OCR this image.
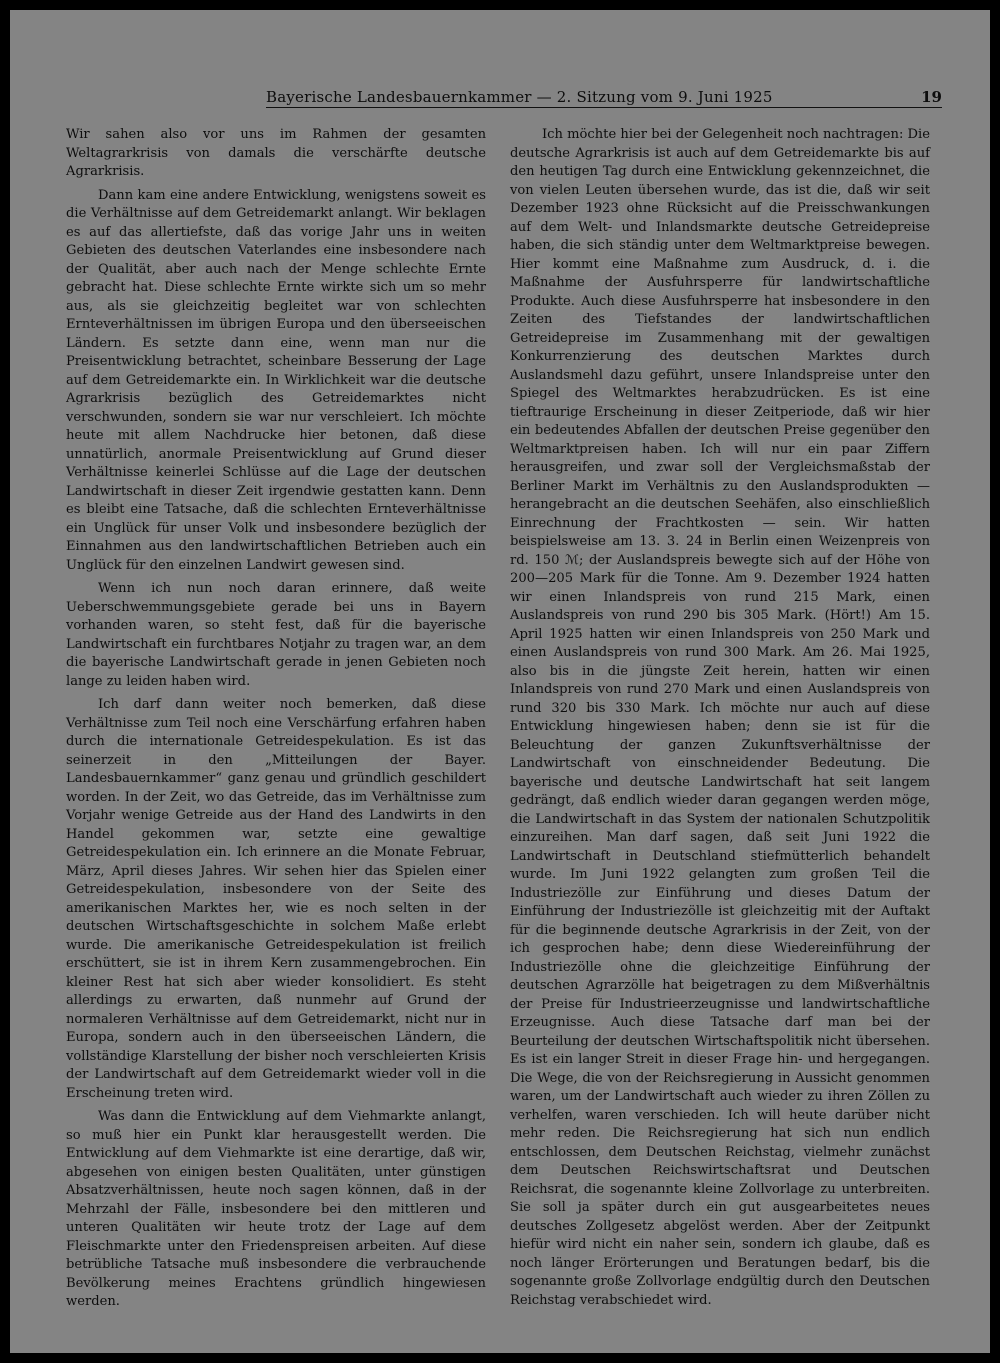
Bayerische Landesbauernkammer — 2. Sitzung vom 9. Juni 1925	19

Wir sahen also vor uns im Rahmen der gesamten Weltagrarkrisis von damals die verschärfte deutsche Agrarkrisis.

Dann kam eine andere Entwicklung, wenigstens soweit es die Verhältnisse auf dem Getreidemarkt anlangt. Wir beklagen es auf das allertiefste, daß das vorige Jahr uns in weiten Gebieten des deutschen Vaterlandes eine insbesondere nach der Qualität, aber auch nach der Menge schlechte Ernte gebracht hat. Diese schlechte Ernte wirkte sich um so mehr aus, als sie gleichzeitig begleitet war von schlechten Ernteverhältnissen im übrigen Europa und den überseeischen Ländern. Es setzte dann eine, wenn man nur die Preisentwicklung betrachtet, scheinbare Besserung der Lage auf dem Getreidemarkte ein. In Wirklichkeit war die deutsche Agrarkrisis bezüglich des Getreidemarktes nicht verschwunden, sondern sie war nur verschleiert. Ich möchte heute mit allem Nachdrucke hier betonen, daß diese unnatürlich, anormale Preisentwicklung auf Grund dieser Verhältnisse keinerlei Schlüsse auf die Lage der deutschen Landwirtschaft in dieser Zeit irgendwie gestatten kann. Denn es bleibt eine Tatsache, daß die schlechten Ernteverhältnisse ein Unglück für unser Volk und insbesondere bezüglich der Einnahmen aus den landwirtschaftlichen Betrieben auch ein Unglück für den einzelnen Landwirt gewesen sind.

Wenn ich nun noch daran erinnere, daß weite Ueberschwemmungsgebiete gerade bei uns in Bayern vorhanden waren, so steht fest, daß für die bayerische Landwirtschaft ein furchtbares Notjahr zu tragen war, an dem die bayerische Landwirtschaft gerade in jenen Gebieten noch lange zu leiden haben wird.

Ich darf dann weiter noch bemerken, daß diese Verhältnisse zum Teil noch eine Verschärfung erfahren haben durch die internationale Getreidespekulation. Es ist das seinerzeit in den „Mitteilungen der Bayer. Landesbauernkammer“ ganz genau und gründlich geschildert worden. In der Zeit, wo das Getreide, das im Verhältnisse zum Vorjahr wenige Getreide aus der Hand des Landwirts in den Handel gekommen war, setzte eine gewaltige Getreidespekulation ein. Ich erinnere an die Monate Februar, März, April dieses Jahres. Wir sehen hier das Spielen einer Getreidespekulation, insbesondere von der Seite des amerikanischen Marktes her, wie es noch selten in der deutschen Wirtschaftsgeschichte in solchem Maße erlebt wurde. Die amerikanische Getreidespekulation ist freilich erschüttert, sie ist in ihrem Kern zusammengebrochen. Ein kleiner Rest hat sich aber wieder konsolidiert. Es steht allerdings zu erwarten, daß nunmehr auf Grund der normaleren Verhältnisse auf dem Getreidemarkt, nicht nur in Europa, sondern auch in den überseeischen Ländern, die vollständige Klarstellung der bisher noch verschleierten Krisis der Landwirtschaft auf dem Getreidemarkt wieder voll in die Erscheinung treten wird.

Was dann die Entwicklung auf dem Viehmarkte anlangt, so muß hier ein Punkt klar herausgestellt werden. Die Entwicklung auf dem Viehmarkte ist eine derartige, daß wir, abgesehen von einigen besten Qualitäten, unter günstigen Absatzverhältnissen, heute noch sagen können, daß in der Mehrzahl der Fälle, insbesondere bei den mittleren und unteren Qualitäten wir heute trotz der Lage auf dem Fleischmarkte unter den Friedenspreisen arbeiten. Auf diese betrübliche Tatsache muß insbesondere die verbrauchende Bevölkerung meines Erachtens gründlich hingewiesen werden.

Ich möchte hier bei der Gelegenheit noch nachtragen: Die deutsche Agrarkrisis ist auch auf dem Getreidemarkte bis auf den heutigen Tag durch eine Entwicklung gekennzeichnet, die von vielen Leuten übersehen wurde, das ist die, daß wir seit Dezember 1923 ohne Rücksicht auf die Preisschwankungen auf dem Welt- und Inlandsmarkte deutsche Getreidepreise haben, die sich ständig unter dem Weltmarktpreise bewegen. Hier kommt eine Maßnahme zum Ausdruck, d. i. die Maßnahme der Ausfuhrsperre für landwirtschaftliche Produkte. Auch diese Ausfuhrsperre hat insbesondere in den Zeiten des Tiefstandes der landwirtschaftlichen Getreidepreise im Zusammenhang mit der gewaltigen Konkurrenzierung des deutschen Marktes durch Auslandsmehl dazu geführt, unsere Inlandspreise unter den Spiegel des Weltmarktes herabzudrücken. Es ist eine tieftraurige Erscheinung in dieser Zeitperiode, daß wir hier ein bedeutendes Abfallen der deutschen Preise gegenüber den Weltmarktpreisen haben. Ich will nur ein paar Ziffern herausgreifen, und zwar soll der Vergleichsmaßstab der Berliner Markt im Verhältnis zu den Auslandsprodukten — herangebracht an die deutschen Seehäfen, also einschließlich Einrechnung der Frachtkosten — sein. Wir hatten beispielsweise am 13. 3. 24 in Berlin einen Weizenpreis von rd. 150 ℳ; der Auslandspreis bewegte sich auf der Höhe von 200—205 Mark für die Tonne. Am 9. Dezember 1924 hatten wir einen Inlandspreis von rund 215 Mark, einen Auslandspreis von rund 290 bis 305 Mark. (Hört!) Am 15. April 1925 hatten wir einen Inlandspreis von 250 Mark und einen Auslandspreis von rund 300 Mark. Am 26. Mai 1925, also bis in die jüngste Zeit herein, hatten wir einen Inlandspreis von rund 270 Mark und einen Auslandspreis von rund 320 bis 330 Mark. Ich möchte nur auch auf diese Entwicklung hingewiesen haben; denn sie ist für die Beleuchtung der ganzen Zukunftsverhältnisse der Landwirtschaft von einschneidender Bedeutung. Die bayerische und deutsche Landwirtschaft hat seit langem gedrängt, daß endlich wieder daran gegangen werden möge, die Landwirtschaft in das System der nationalen Schutzpolitik einzureihen. Man darf sagen, daß seit Juni 1922 die Landwirtschaft in Deutschland stiefmütterlich behandelt wurde. Im Juni 1922 gelangten zum großen Teil die Industriezölle zur Einführung und dieses Datum der Einführung der Industriezölle ist gleichzeitig mit der Auftakt für die beginnende deutsche Agrarkrisis in der Zeit, von der ich gesprochen habe; denn diese Wiedereinführung der Industriezölle ohne die gleichzeitige Einführung der deutschen Agrarzölle hat beigetragen zu dem Mißverhältnis der Preise für Industrieerzeugnisse und landwirtschaftliche Erzeugnisse. Auch diese Tatsache darf man bei der Beurteilung der deutschen Wirtschaftspolitik nicht übersehen. Es ist ein langer Streit in dieser Frage hin- und hergegangen. Die Wege, die von der Reichsregierung in Aussicht genommen waren, um der Landwirtschaft auch wieder zu ihren Zöllen zu verhelfen, waren verschieden. Ich will heute darüber nicht mehr reden. Die Reichsregierung hat sich nun endlich entschlossen, dem Deutschen Reichstag, vielmehr zunächst dem Deutschen Reichswirtschaftsrat und Deutschen Reichsrat, die sogenannte kleine Zollvorlage zu unterbreiten. Sie soll ja später durch ein gut ausgearbeitetes neues deutsches Zollgesetz abgelöst werden. Aber der Zeitpunkt hiefür wird nicht ein naher sein, sondern ich glaube, daß es noch länger Erörterungen und Beratungen bedarf, bis die sogenannte große Zollvorlage endgültig durch den Deutschen Reichstag verabschiedet wird.
